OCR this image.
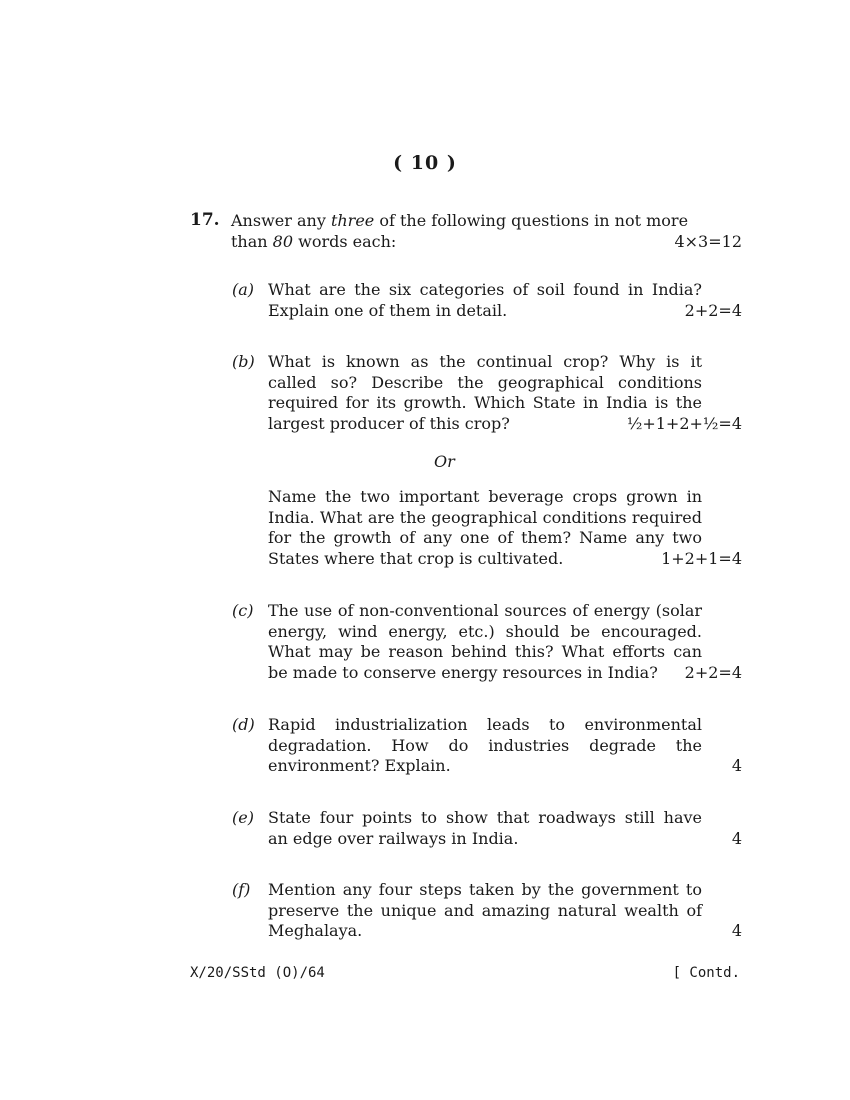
( 10 )
17. Answer any three of the following questions in not more
than 80 words each:	4×3=12
(a) What are the six categories of soil found in India?
Explain one of them in detail.	2+2=4
(b) What is known as the continual crop? Why is it
called so? Describe the geographical conditions
required for its growth. Which State in India is the
largest producer of this crop?	½+1+2+½=4
Or
Name the two important beverage crops grown in
India. What are the geographical conditions required
for the growth of any one of them? Name any two
States where that crop is cultivated.	1+2+1=4
(c) The use of non-conventional sources of energy (solar
energy, wind energy, etc.) should be encouraged.
What may be reason behind this? What efforts can
be made to conserve energy resources in India?	2+2=4
(d) Rapid industrialization leads to environmental
degradation. How do industries degrade the
environment? Explain.	4
(e) State four points to show that roadways still have
an edge over railways in India.	4
(f) Mention any four steps taken by the government to
preserve the unique and amazing natural wealth of
Meghalaya.	4
X/20/SStd (O)/64	[ Contd.
